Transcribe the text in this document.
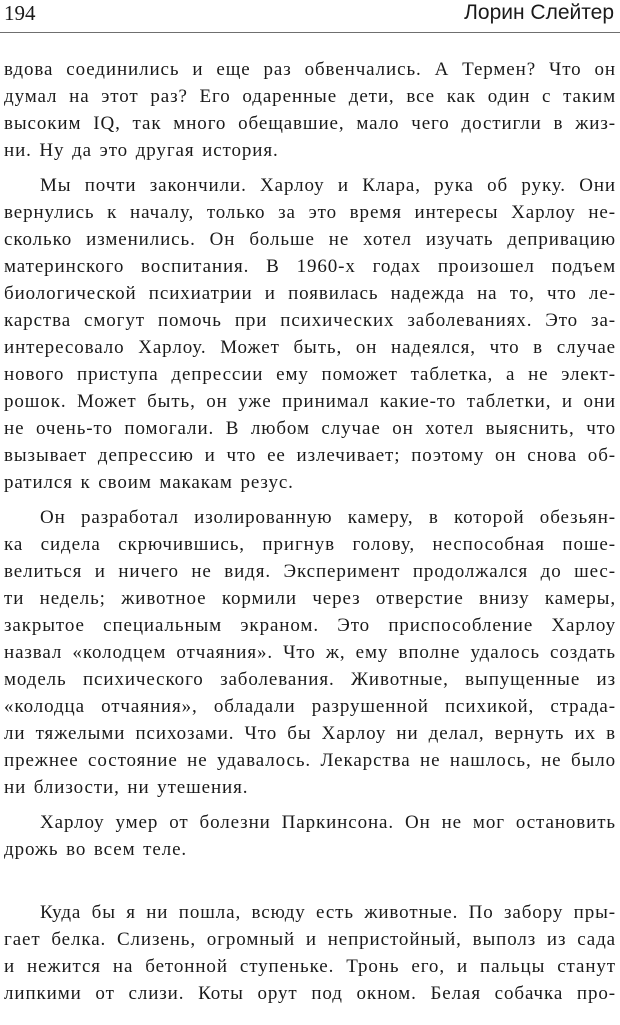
194	Лорин Слейтер
вдова соединились и еще раз обвенчались. А Термен? Что он
думал на этот раз? Его одаренные дети, все как один с таким
высоким IQ, так много обещавшие, мало чего достигли в жиз-
ни. Ну да это другая история.
Мы почти закончили. Харлоу и Клара, рука об руку. Они
вернулись к началу, только за это время интересы Харлоу не-
сколько изменились. Он больше не хотел изучать депривацию
материнского воспитания. В 1960-х годах произошел подъем
биологической психиатрии и появилась надежда на то, что ле-
карства смогут помочь при психических заболеваниях. Это за-
интересовало Харлоу. Может быть, он надеялся, что в случае
нового приступа депрессии ему поможет таблетка, а не элект-
рошок. Может быть, он уже принимал какие-то таблетки, и они
не очень-то помогали. В любом случае он хотел выяснить, что
вызывает депрессию и что ее излечивает; поэтому он снова об-
ратился к своим макакам резус.
Он разработал изолированную камеру, в которой обезьян-
ка сидела скрючившись, пригнув голову, неспособная поше-
велиться и ничего не видя. Эксперимент продолжался до шес-
ти недель; животное кормили через отверстие внизу камеры,
закрытое специальным экраном. Это приспособление Харлоу
назвал «колодцем отчаяния». Что ж, ему вполне удалось создать
модель психического заболевания. Животные, выпущенные из
«колодца отчаяния», обладали разрушенной психикой, страда-
ли тяжелыми психозами. Что бы Харлоу ни делал, вернуть их в
прежнее состояние не удавалось. Лекарства не нашлось, не было
ни близости, ни утешения.
Харлоу умер от болезни Паркинсона. Он не мог остановить
дрожь во всем теле.
Куда бы я ни пошла, всюду есть животные. По забору пры-
гает белка. Слизень, огромный и непристойный, выполз из сада
и нежится на бетонной ступеньке. Тронь его, и пальцы станут
липкими от слизи. Коты орут под окном. Белая собачка про-
